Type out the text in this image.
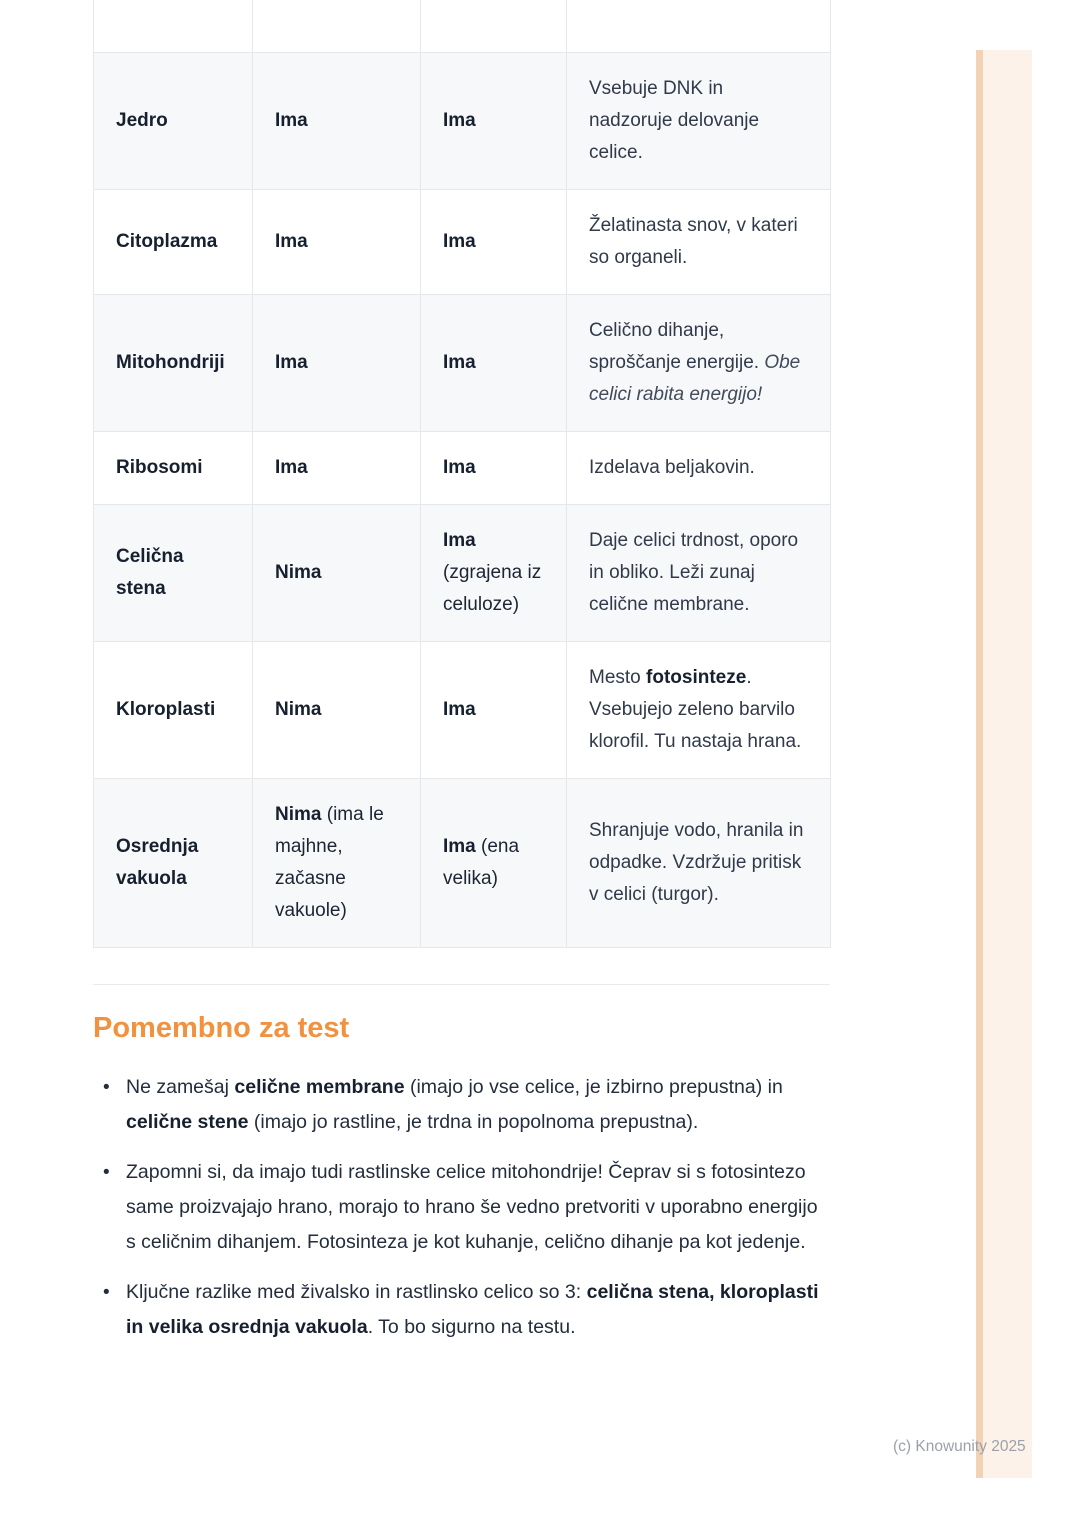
Jedro	Ima	Ima	Vsebuje DNK in nadzoruje delovanje celice.
Citoplazma	Ima	Ima	Želatinasta snov, v kateri so organeli.
Mitohondriji	Ima	Ima	Celično dihanje, sproščanje energije. Obe celici rabita energijo!
Ribosomi	Ima	Ima	Izdelava beljakovin.
Celična stena	Nima	Ima (zgrajena iz celuloze)	Daje celici trdnost, oporo in obliko. Leži zunaj celične membrane.
Kloroplasti	Nima	Ima	Mesto fotosinteze. Vsebujejo zeleno barvilo klorofil. Tu nastaja hrana.
Osrednja vakuola	Nima (ima le majhne, začasne vakuole)	Ima (ena velika)	Shranjuje vodo, hranila in odpadke. Vzdržuje pritisk v celici (turgor).
Pomembno za test
• Ne zamešaj celične membrane (imajo jo vse celice, je izbirno prepustna) in celične stene (imajo jo rastline, je trdna in popolnoma prepustna).
• Zapomni si, da imajo tudi rastlinske celice mitohondrije! Čeprav si s fotosintezo same proizvajajo hrano, morajo to hrano še vedno pretvoriti v uporabno energijo s celičnim dihanjem. Fotosinteza je kot kuhanje, celično dihanje pa kot jedenje.
• Ključne razlike med živalsko in rastlinsko celico so 3: celična stena, kloroplasti in velika osrednja vakuola. To bo sigurno na testu.
(c) Knowunity 2025
